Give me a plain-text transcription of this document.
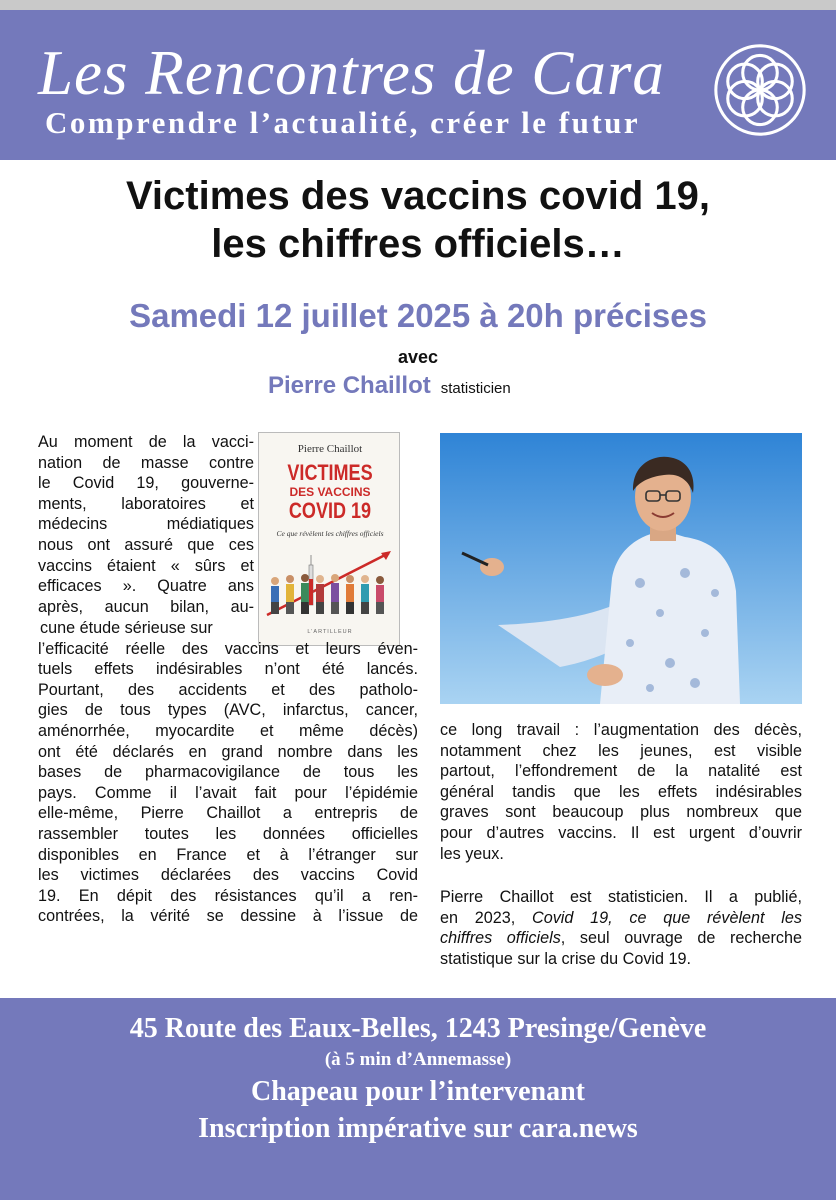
Les Rencontres de Cara
Comprendre l’actualité, créer le futur
Victimes des vaccins covid 19,
les chiffres officiels…
Samedi 12 juillet 2025 à 20h précises
avec
Pierre Chaillot statisticien
Au moment de la vacci-
nation de masse contre
le Covid 19, gouverne-
ments, laboratoires et
médecins médiatiques
nous ont assuré que ces
vaccins étaient « sûrs et
efficaces ». Quatre ans
après, aucun bilan, au-
Pierre Chaillot
VICTIMES
DES VACCINS
COVID 19
Ce que révèlent les chiffres officiels
L’ARTILLEUR
cune étude sérieuse sur
l’efficacité réelle des vaccins et leurs éven-
tuels effets indésirables n’ont été lancés.
Pourtant, des accidents et des patholo-
gies de tous types (AVC, infarctus, cancer,
aménorrhée, myocardite et même décès)
ont été déclarés en grand nombre dans les
bases de pharmacovigilance de tous les
pays. Comme il l’avait fait pour l’épidémie
elle-même, Pierre Chaillot a entrepris de
rassembler toutes les données officielles
disponibles en France et à l’étranger sur
les victimes déclarées des vaccins Covid
19. En dépit des résistances qu’il a ren-
contrées, la vérité se dessine à l’issue de
ce long travail : l’augmentation des décès,
notamment chez les jeunes, est visible
partout, l’effondrement de la natalité est
général tandis que les effets indésirables
graves sont beaucoup plus nombreux que
pour d’autres vaccins. Il est urgent d’ouvrir
les yeux.
Pierre Chaillot est statisticien. Il a publié,
en 2023, Covid 19, ce que révèlent les
chiffres officiels, seul ouvrage de recherche
statistique sur la crise du Covid 19.
45 Route des Eaux-Belles, 1243 Presinge/Genève
(à 5 min d’Annemasse)
Chapeau pour l’intervenant
Inscription impérative sur cara.news
